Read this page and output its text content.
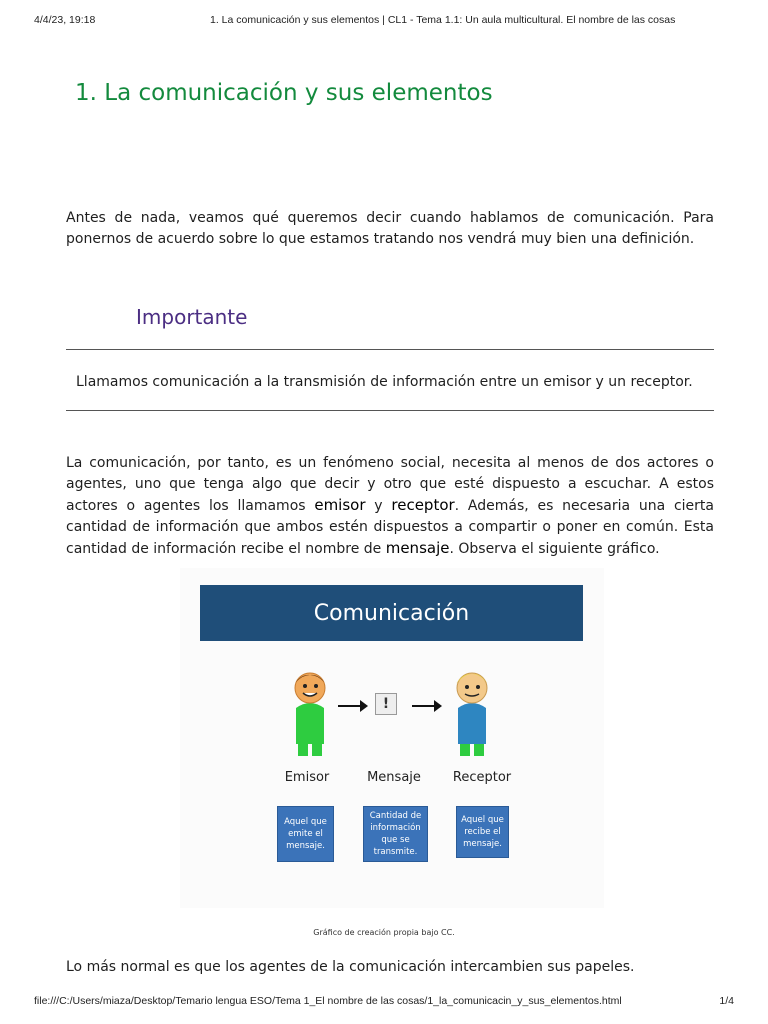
4/4/23, 19:18	1. La comunicación y sus elementos | CL1 - Tema 1.1: Un aula multicultural. El nombre de las cosas
1. La comunicación y sus elementos

Antes de nada, veamos qué queremos decir cuando hablamos de comunicación. Para ponernos de acuerdo sobre lo que estamos tratando nos vendrá muy bien una definición.

Importante

Llamamos comunicación a la transmisión de información entre un emisor y un receptor.

La comunicación, por tanto, es un fenómeno social, necesita al menos de dos actores o agentes, uno que tenga algo que decir y otro que esté dispuesto a escuchar. A estos actores o agentes los llamamos emisor y receptor. Además, es necesaria una cierta cantidad de información que ambos estén dispuestos a compartir o poner en común. Esta cantidad de información recibe el nombre de mensaje. Observa el siguiente gráfico.

Comunicación
!
Emisor	Mensaje	Receptor
Aquel que emite el mensaje.
Cantidad de información que se transmite.
Aquel que recibe el mensaje.
Gráfico de creación propia bajo CC.

Lo más normal es que los agentes de la comunicación intercambien sus papeles.

file:///C:/Users/miaza/Desktop/Temario lengua ESO/Tema 1_El nombre de las cosas/1_la_comunicacin_y_sus_elementos.html	1/4
